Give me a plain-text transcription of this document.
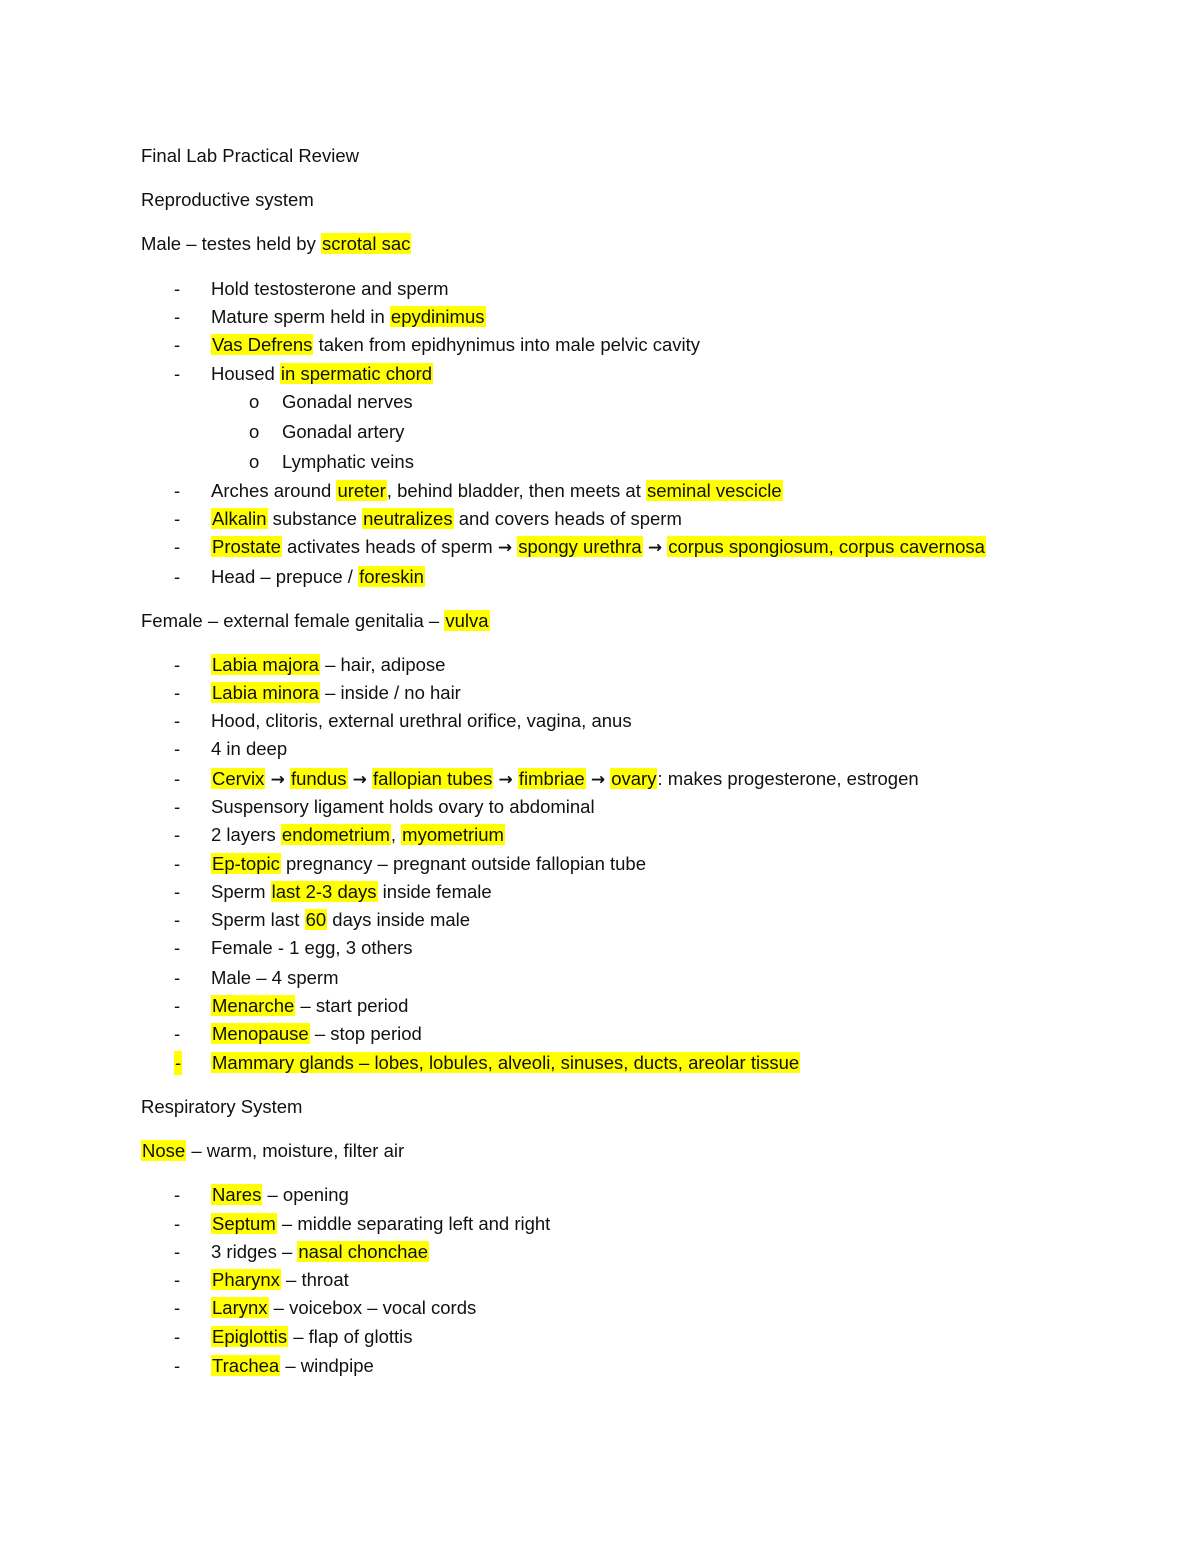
Final Lab Practical Review
Reproductive system
Male – testes held by scrotal sac
- Hold testosterone and sperm
- Mature sperm held in epydinimus
- Vas Defrens taken from epidhynimus into male pelvic cavity
- Housed in spermatic chord
o Gonadal nerves
o Gonadal artery
o Lymphatic veins
- Arches around ureter, behind bladder, then meets at seminal vescicle
- Alkalin substance neutralizes and covers heads of sperm
- Prostate activates heads of sperm → spongy urethra → corpus spongiosum, corpus cavernosa
- Head – prepuce / foreskin
Female – external female genitalia – vulva
- Labia majora – hair, adipose
- Labia minora – inside / no hair
- Hood, clitoris, external urethral orifice, vagina, anus
- 4 in deep
- Cervix → fundus → fallopian tubes → fimbriae → ovary: makes progesterone, estrogen
- Suspensory ligament holds ovary to abdominal
- 2 layers endometrium, myometrium
- Ep-topic pregnancy – pregnant outside fallopian tube
- Sperm last 2-3 days inside female
- Sperm last 60 days inside male
- Female - 1 egg, 3 others
- Male – 4 sperm
- Menarche – start period
- Menopause – stop period
- Mammary glands – lobes, lobules, alveoli, sinuses, ducts, areolar tissue
Respiratory System
Nose – warm, moisture, filter air
- Nares – opening
- Septum – middle separating left and right
- 3 ridges – nasal chonchae
- Pharynx – throat
- Larynx – voicebox – vocal cords
- Epiglottis – flap of glottis
- Trachea – windpipe
